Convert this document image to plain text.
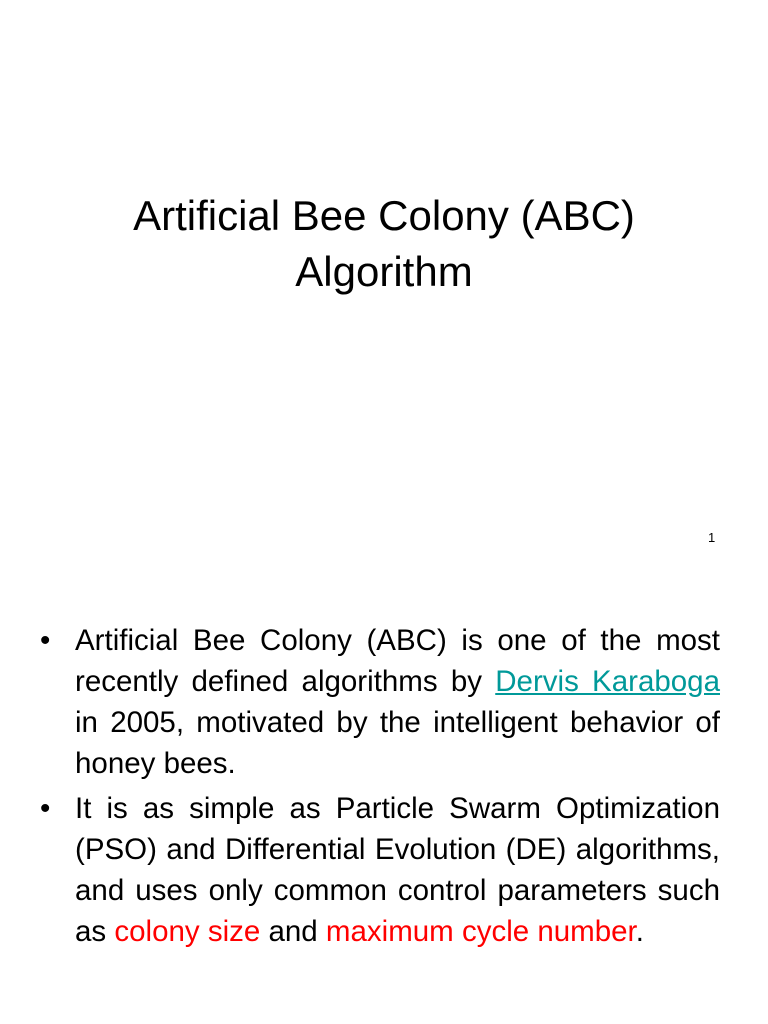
Artificial Bee Colony (ABC)
Algorithm
1
• Artificial Bee Colony (ABC) is one of the most recently defined algorithms by Dervis Karaboga in 2005, motivated by the intelligent behavior of honey bees.
• It is as simple as Particle Swarm Optimization (PSO) and Differential Evolution (DE) algorithms, and uses only common control parameters such as colony size and maximum cycle number.
